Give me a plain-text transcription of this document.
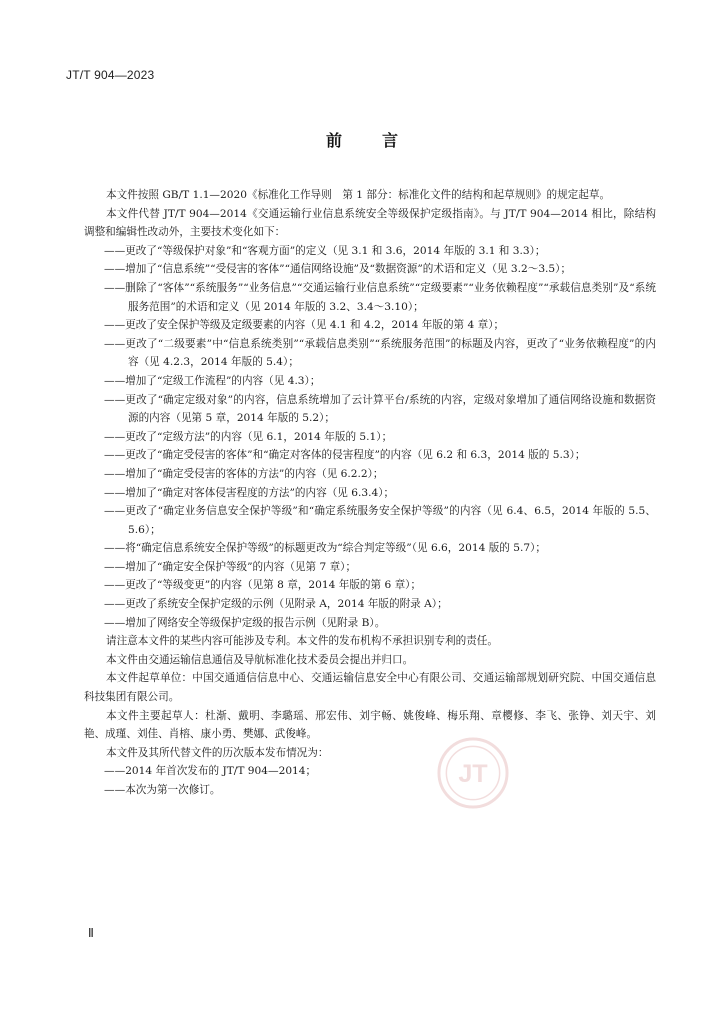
JT/T 904—2023
前言

本文件按照 GB/T 1.1—2020《标准化工作导则　第 1 部分：标准化文件的结构和起草规则》的规定起草。

本文件代替 JT/T 904—2014《交通运输行业信息系统安全等级保护定级指南》。与 JT/T 904—2014 相比，除结构调整和编辑性改动外，主要技术变化如下：

——更改了“等级保护对象”和“客观方面”的定义（见 3.1 和 3.6，2014 年版的 3.1 和 3.3）；

——增加了“信息系统”“受侵害的客体”“通信网络设施”及“数据资源”的术语和定义（见 3.2～3.5）；

——删除了“客体”“系统服务”“业务信息”“交通运输行业信息系统”“定级要素”“业务依赖程度”“承载信息类别”及“系统服务范围”的术语和定义（见 2014 年版的 3.2、3.4～3.10）；

——更改了安全保护等级及定级要素的内容（见 4.1 和 4.2，2014 年版的第 4 章）；

——更改了“二级要素”中“信息系统类别”“承载信息类别”“系统服务范围”的标题及内容，更改了“业务依赖程度”的内容（见 4.2.3，2014 年版的 5.4）；

——增加了“定级工作流程”的内容（见 4.3）；

——更改了“确定定级对象”的内容，信息系统增加了云计算平台/系统的内容，定级对象增加了通信网络设施和数据资源的内容（见第 5 章，2014 年版的 5.2）；

——更改了“定级方法”的内容（见 6.1，2014 年版的 5.1）；

——更改了“确定受侵害的客体”和“确定对客体的侵害程度”的内容（见 6.2 和 6.3，2014 版的 5.3）；

——增加了“确定受侵害的客体的方法”的内容（见 6.2.2）；

——增加了“确定对客体侵害程度的方法”的内容（见 6.3.4）；

——更改了“确定业务信息安全保护等级”和“确定系统服务安全保护等级”的内容（见 6.4、6.5，2014 年版的 5.5、5.6）；

——将“确定信息系统安全保护等级”的标题更改为“综合判定等级”（见 6.6，2014 版的 5.7）；

——增加了“确定安全保护等级”的内容（见第 7 章）；

——更改了“等级变更”的内容（见第 8 章，2014 年版的第 6 章）；

——更改了系统安全保护定级的示例（见附录 A，2014 年版的附录 A）；

——增加了网络安全等级保护定级的报告示例（见附录 B）。

请注意本文件的某些内容可能涉及专利。本文件的发布机构不承担识别专利的责任。

本文件由交通运输信息通信及导航标准化技术委员会提出并归口。

本文件起草单位：中国交通通信信息中心、交通运输信息安全中心有限公司、交通运输部规划研究院、中国交通信息科技集团有限公司。

本文件主要起草人：杜渐、戴明、李璐瑶、邢宏伟、刘宇畅、姚俊峰、梅乐翔、章樱修、李飞、张铮、刘天宇、刘艳、成瑾、刘佳、肖榕、康小勇、樊娜、武俊峰。

本文件及其所代替文件的历次版本发布情况为：

——2014 年首次发布的 JT/T 904—2014；

——本次为第一次修订。

JT
Ⅱ
